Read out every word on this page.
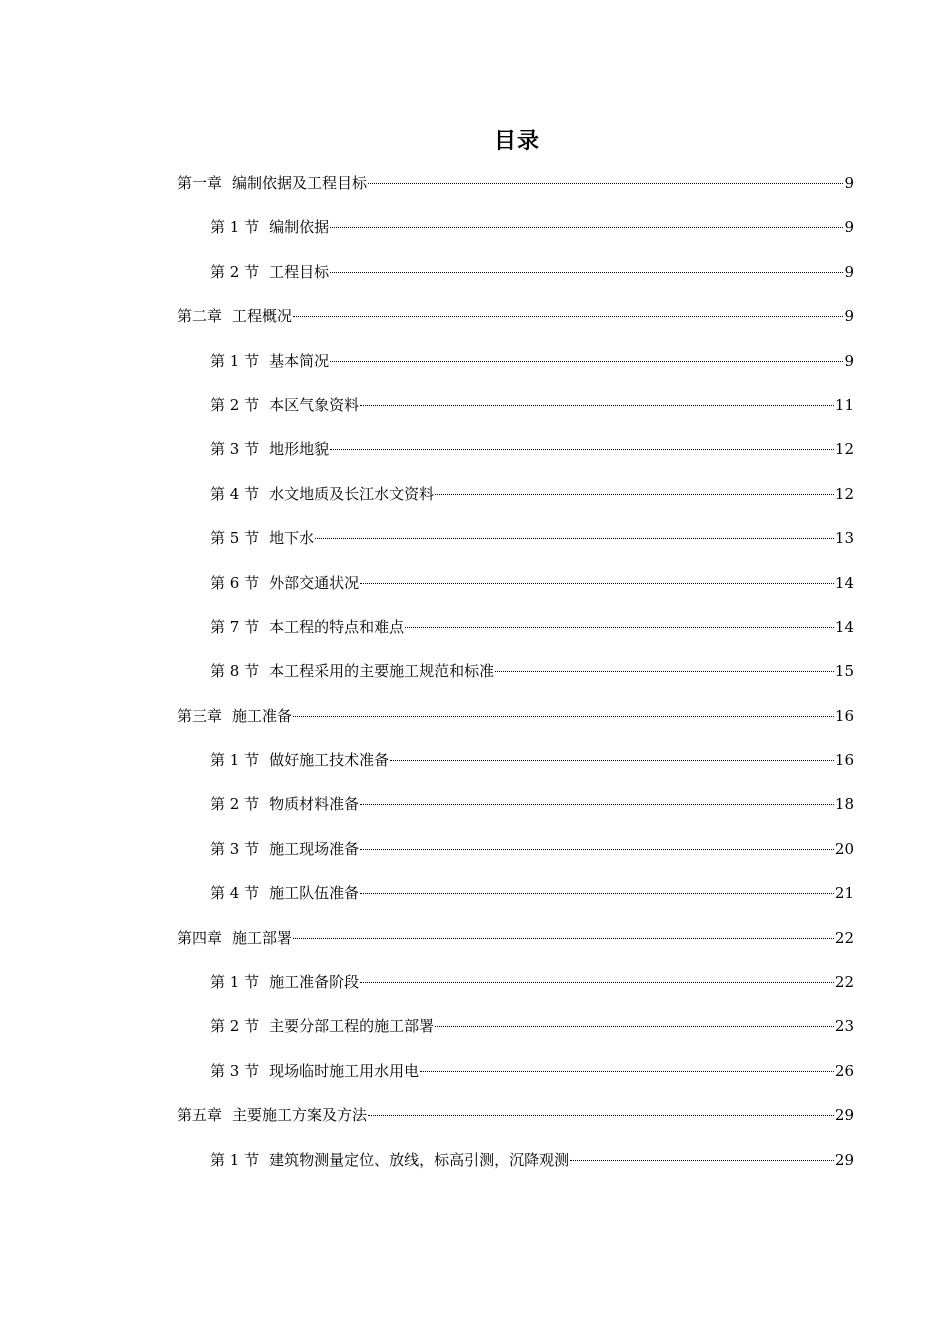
目录
第一章 编制依据及工程目标	9
第 1 节 编制依据	9
第 2 节 工程目标	9
第二章 工程概况	9
第 1 节 基本简况	9
第 2 节 本区气象资料	11
第 3 节 地形地貌	12
第 4 节 水文地质及长江水文资料	12
第 5 节 地下水	13
第 6 节 外部交通状况	14
第 7 节 本工程的特点和难点	14
第 8 节 本工程采用的主要施工规范和标准	15
第三章 施工准备	16
第 1 节 做好施工技术准备	16
第 2 节 物质材料准备	18
第 3 节 施工现场准备	20
第 4 节 施工队伍准备	21
第四章 施工部署	22
第 1 节 施工准备阶段	22
第 2 节 主要分部工程的施工部署	23
第 3 节 现场临时施工用水用电	26
第五章 主要施工方案及方法	29
第 1 节 建筑物测量定位、放线，标高引测，沉降观测	29
